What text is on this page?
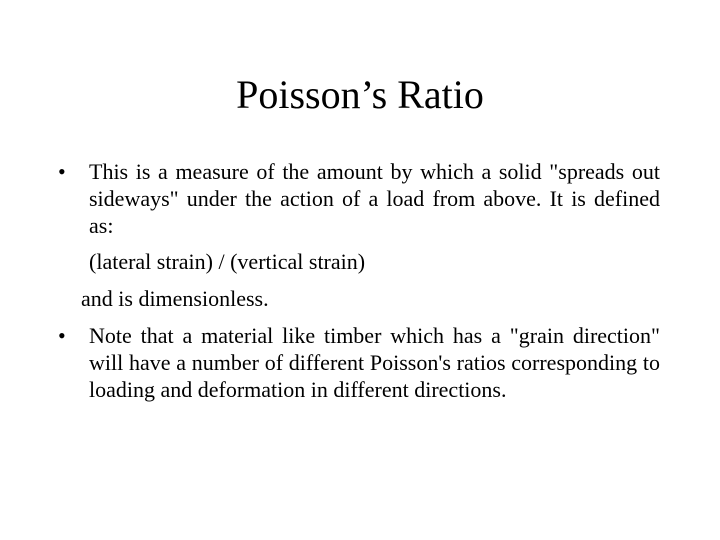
Poisson’s Ratio
• This is a measure of the amount by which a solid "spreads out sideways" under the action of a load from above. It is defined as:
(lateral strain) / (vertical strain)
and is dimensionless.
• Note that a material like timber which has a "grain direction" will have a number of different Poisson's ratios corresponding to loading and deformation in different directions.
